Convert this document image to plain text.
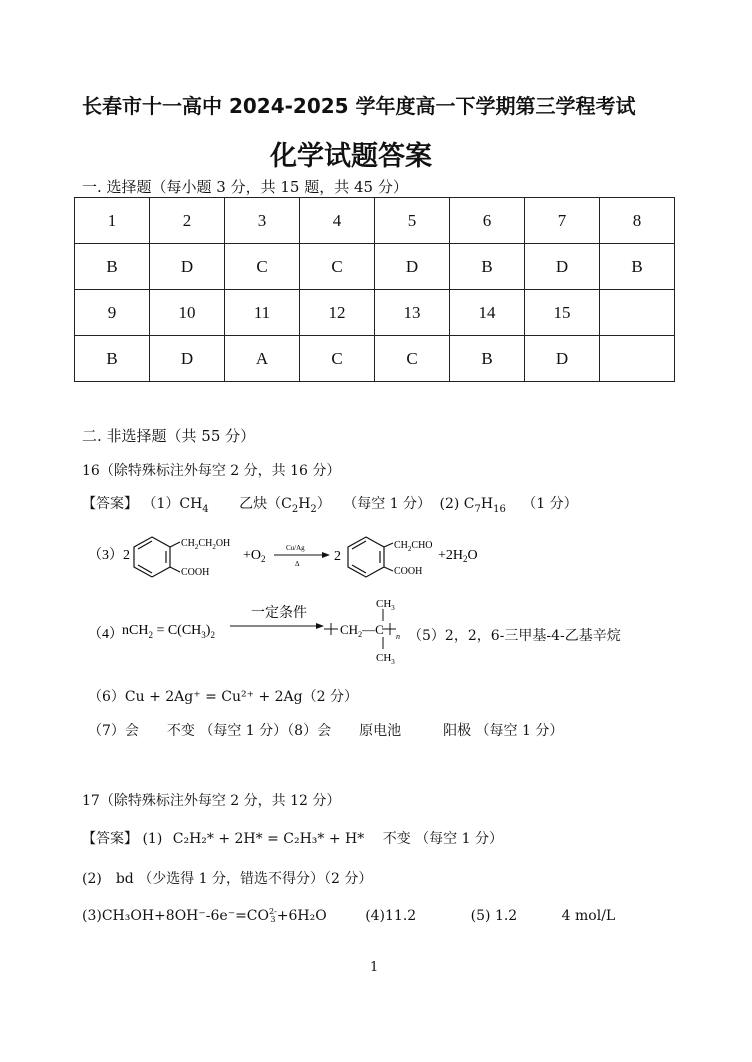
长春市十一高中 2024-2025 学年度高一下学期第三学程考试
化学试题答案
一. 选择题（每小题 3 分，共 15 题，共 45 分）
1	2	3	4	5	6	7	8
B	D	C	C	D	B	D	B
9	10	11	12	13	14	15	
B	D	A	C	C	B	D	
二. 非选择题（共 55 分）
16（除特殊标注外每空 2 分，共 16 分）
【答案】 $(1)CH_4$ 乙炔$(C_2H_2)$ （每空 1 分） (2) $C_7H_{16}$ （1 分）
（3）2
$CH_2CH_2OH$
COOH
$+O_2$
Cu/Ag
Δ 2
$CH_2CHO$
COOH
$+2H_2O$
（4） $nCH_2 = C(CH_3)_2$
一定条件
$CH_2—C$ n
$CH_3$
$CH_3$
（5）2，2，6-三甲基-4-乙基辛烷
（6）Cu + 2Ag⁺ = Cu²⁺ + 2Ag（2 分）
（7）会　　不变 （每空 1 分）（8）会　　原电池　　　阳极 （每空 1 分）
17（除特殊标注外每空 2 分，共 12 分）
【答案】 (1) C₂H₂* + 2H* = C₂H₃* + H* 不变 （每空 1 分）
(2)　bd （少选得 1 分，错选不得分）（2 分）
(3)CH₃OH+8OH⁻-6e⁻=CO2-
3+6H₂O	(4)11.2	(5) 1.2	4 mol/L
1
